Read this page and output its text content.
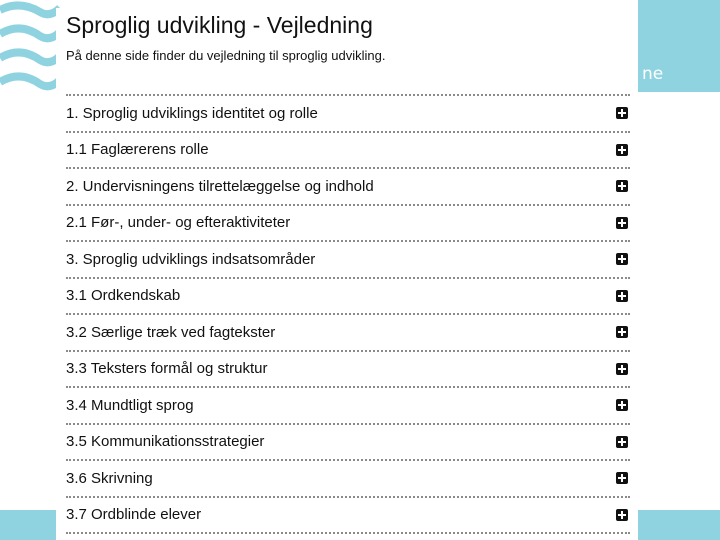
ne
Sproglig udvikling - Vejledning

På denne side finder du vejledning til sproglig udvikling.

1. Sproglig udviklings identitet og rolle
1.1 Faglærerens rolle
2. Undervisningens tilrettelæggelse og indhold
2.1 Før-, under- og efteraktiviteter
3. Sproglig udviklings indsatsområder
3.1 Ordkendskab
3.2 Særlige træk ved fagtekster
3.3 Teksters formål og struktur
3.4 Mundtligt sprog
3.5 Kommunikationsstrategier
3.6 Skrivning
3.7 Ordblinde elever
